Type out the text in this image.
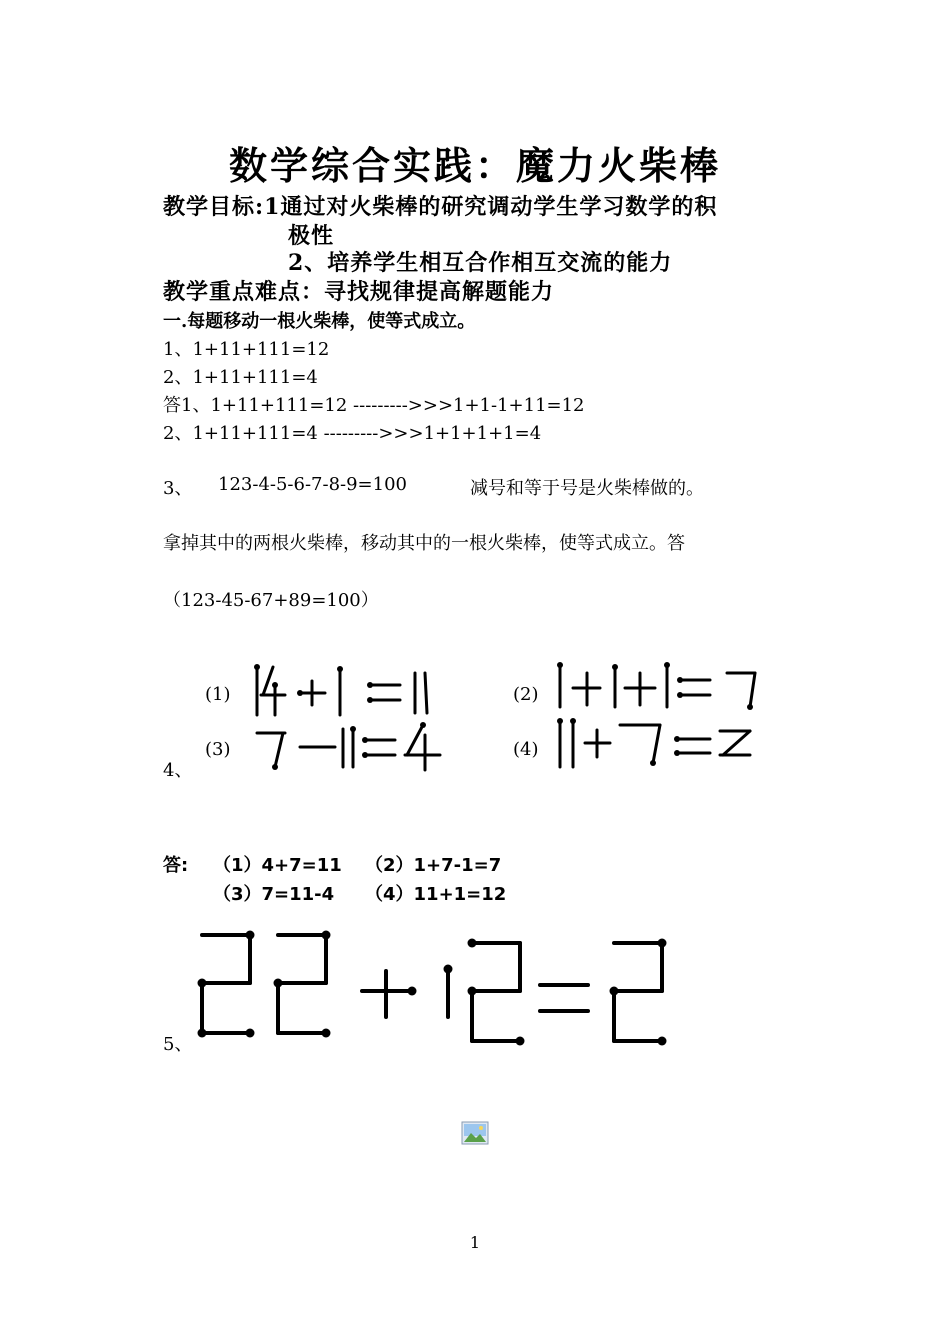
数学综合实践：魔力火柴棒
教学目标:1通过对火柴棒的研究调动学生学习数学的积
极性
2、培养学生相互合作相互交流的能力
教学重点难点：寻找规律提高解题能力
一.每题移动一根火柴棒，使等式成立。
1、1+11+111=12
2、1+11+111=4
答1、1+11+111=12 --------->>>1+1-1+11=12
2、1+11+111=4 --------->>>1+1+1+1=4
3、 123-4-5-6-7-8-9=100	减号和等于号是火柴棒做的。
拿掉其中的两根火柴棒，移动其中的一根火柴棒，使等式成立。答
（123-45-67+89=100）
(1)	(2)
(3)	(4)
4、
答: （1）4+7=11 （2）1+7-1=7
（3）7=11-4 （4）11+1=12
5、
1
